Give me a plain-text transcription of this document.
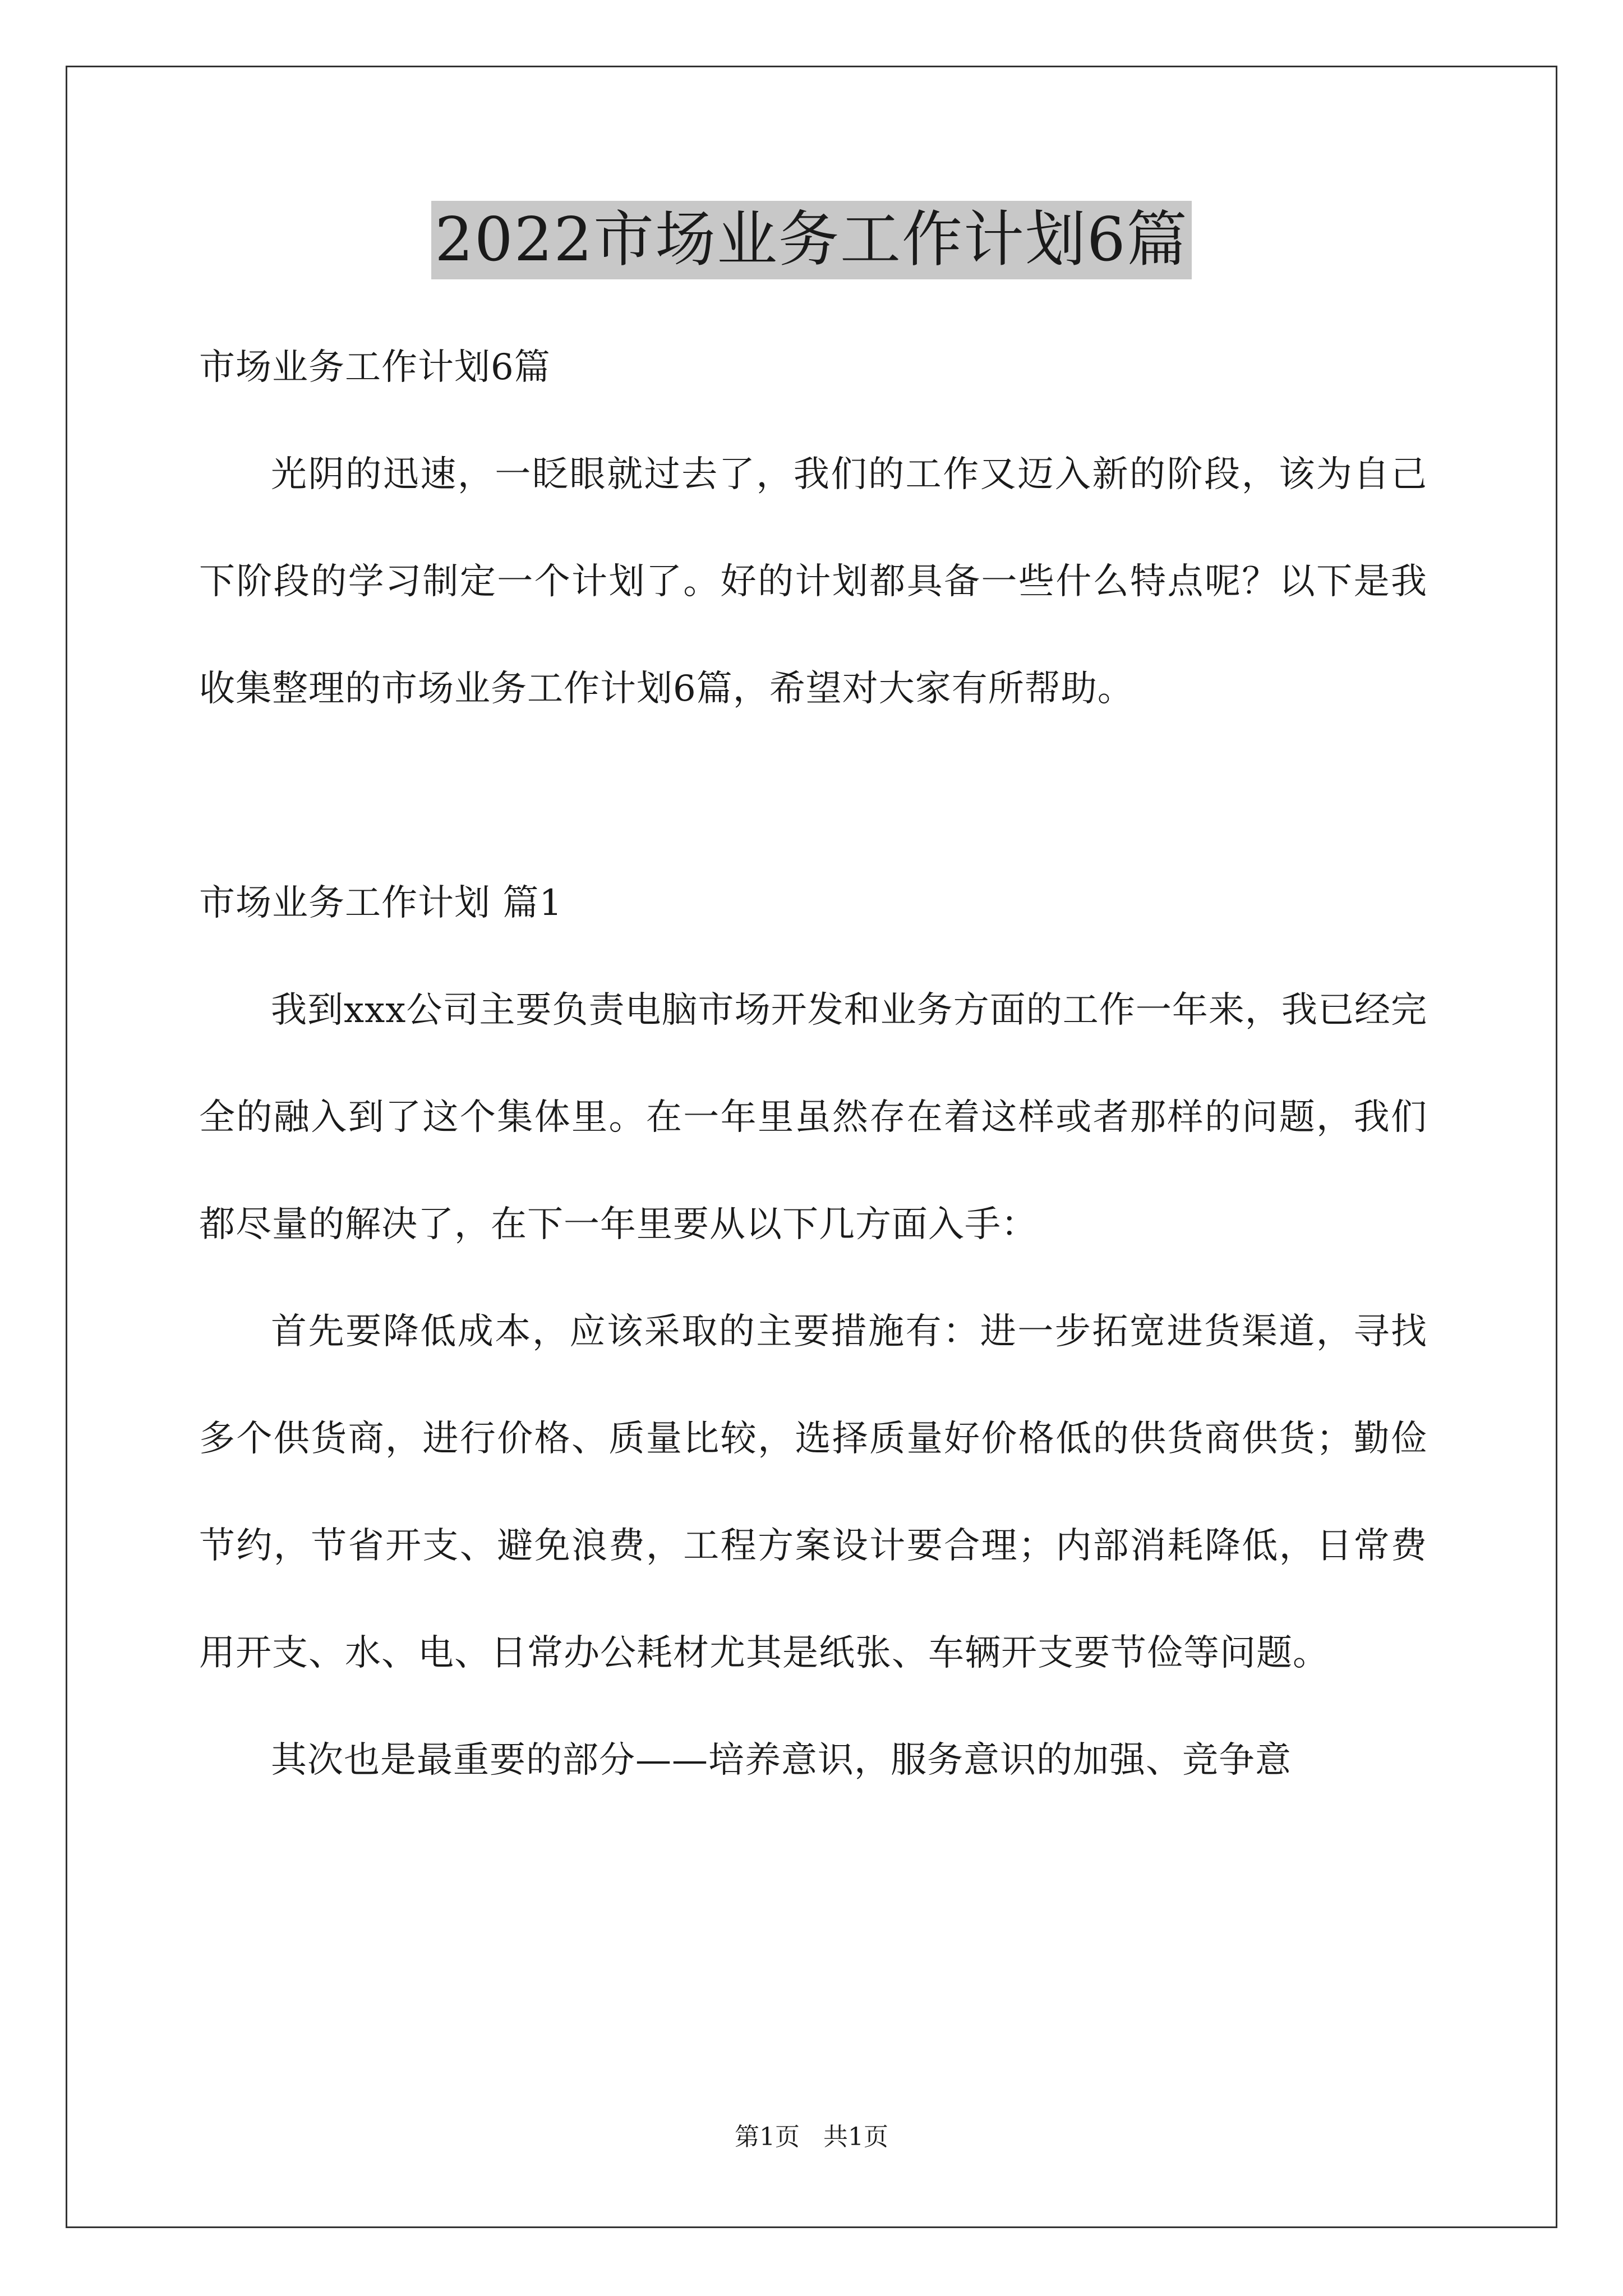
2022市场业务工作计划6篇

市场业务工作计划6篇

光阴的迅速，一眨眼就过去了，我们的工作又迈入新的阶段，该为自己下阶段的学习制定一个计划了。好的计划都具备一些什么特点呢？以下是我收集整理的市场业务工作计划6篇，希望对大家有所帮助。

市场业务工作计划 篇1

我到xxx公司主要负责电脑市场开发和业务方面的工作一年来，我已经完全的融入到了这个集体里。在一年里虽然存在着这样或者那样的问题，我们都尽量的解决了，在下一年里要从以下几方面入手：

首先要降低成本，应该采取的主要措施有：进一步拓宽进货渠道，寻找多个供货商，进行价格、质量比较，选择质量好价格低的供货商供货；勤俭节约，节省开支、避免浪费，工程方案设计要合理；内部消耗降低，日常费用开支、水、电、日常办公耗材尤其是纸张、车辆开支要节俭等问题。

其次也是最重要的部分——培养意识，服务意识的加强、竞争意

第1页   共1页
